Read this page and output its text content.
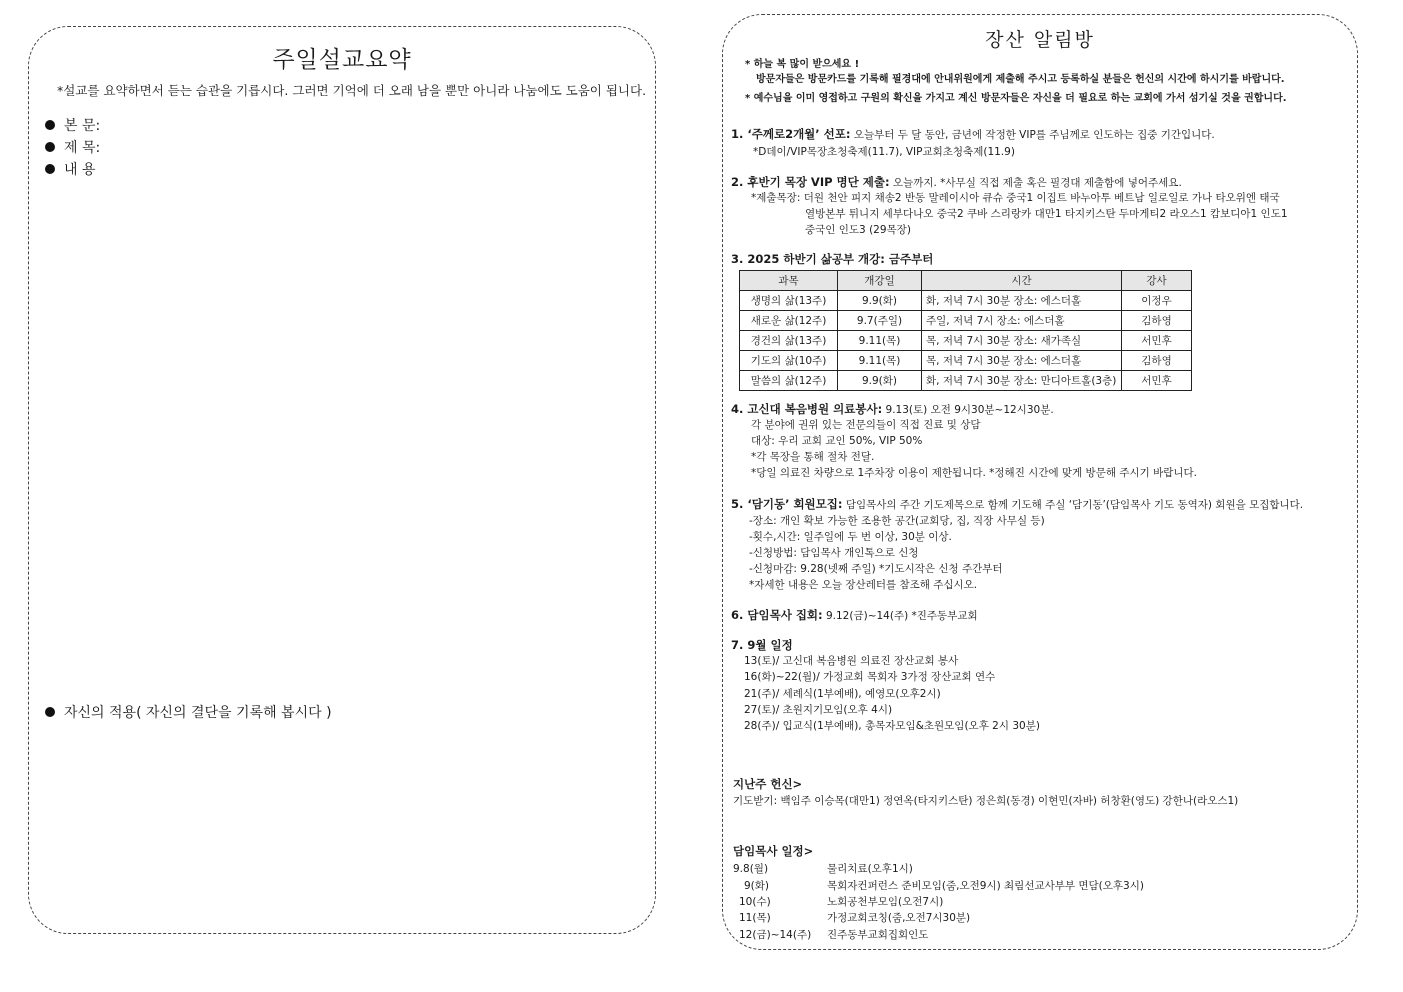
주일설교요약
*설교를 요약하면서 듣는 습관을 기릅시다. 그러면 기억에 더 오래 남을 뿐만 아니라 나눔에도 도움이 됩니다.
본 문:
제 목:
내 용
자신의 적용( 자신의 결단을 기록해 봅시다 )
장산 알림방
* 하늘 복 많이 받으세요 !
방문자들은 방문카드를 기록해 필경대에 안내위원에게 제출해 주시고 등록하실 분들은 헌신의 시간에 하시기를 바랍니다.
* 예수님을 이미 영접하고 구원의 확신을 가지고 계신 방문자들은 자신을 더 필요로 하는 교회에 가서 섬기실 것을 권합니다.
1. ‘주께로2개월’ 선포: 오늘부터 두 달 동안, 금년에 작정한 VIP를 주님께로 인도하는 집중 기간입니다.
*D데이/VIP목장초청축제(11.7), VIP교회초청축제(11.9)
2. 후반기 목장 VIP 명단 제출: 오늘까지. *사무실 직접 제출 혹은 필경대 제출함에 넣어주세요.
*제출목장: 더원 천안 피지 채송2 반동 말레이시아 큐슈 중국1 이집트 바누아투 베트남 일로일로 가나 타오위엔 태국
열방본부 튀니지 세부다나오 중국2 쿠바 스리랑카 대만1 타지키스탄 두마게티2 라오스1 캄보디아1 인도1
중국인 인도3 (29목장)
3. 2025 하반기 삶공부 개강: 금주부터
과목	개강일	시간	강사
생명의 삶(13주)	9.9(화)	화, 저녁 7시 30분 장소: 에스더홀	이정우
새로운 삶(12주)	9.7(주일)	주일, 저녁 7시 장소: 에스더홀	김하영
경건의 삶(13주)	9.11(목)	목, 저녁 7시 30분 장소: 새가족실	서민후
기도의 삶(10주)	9.11(목)	목, 저녁 7시 30분 장소: 에스더홀	김하영
말씀의 삶(12주)	9.9(화)	화, 저녁 7시 30분 장소: 만디아트홀(3층)	서민후
4. 고신대 복음병원 의료봉사: 9.13(토) 오전 9시30분~12시30분.
각 분야에 권위 있는 전문의들이 직접 진료 및 상담
대상: 우리 교회 교인 50%, VIP 50%
*각 목장을 통해 절차 전달.
*당일 의료진 차량으로 1주차장 이용이 제한됩니다. *정해진 시간에 맞게 방문해 주시기 바랍니다.
5. ‘담기동’ 회원모집: 담임목사의 주간 기도제목으로 함께 기도해 주실 ‘담기동’(담임목사 기도 동역자) 회원을 모집합니다.
-장소: 개인 확보 가능한 조용한 공간(교회당, 집, 직장 사무실 등)
-횟수,시간: 일주일에 두 번 이상, 30분 이상.
-신청방법: 담임목사 개인톡으로 신청
-신청마감: 9.28(넷째 주일) *기도시작은 신청 주간부터
*자세한 내용은 오늘 장산레터를 참조해 주십시오.
6. 담임목사 집회: 9.12(금)~14(주) *진주동부교회
7. 9월 일정
13(토)/ 고신대 복음병원 의료진 장산교회 봉사
16(화)~22(월)/ 가정교회 목회자 3가정 장산교회 연수
21(주)/ 세례식(1부예배), 예영모(오후2시)
27(토)/ 초원지기모임(오후 4시)
28(주)/ 입교식(1부예배), 총목자모임&초원모임(오후 2시 30분)
지난주 헌신>
기도받기: 백임주 이승목(대만1) 정연옥(타지키스탄) 정은희(동경) 이현민(자바) 허창환(영도) 강한나(라오스1)
담임목사 일정>
9.8(월)	물리치료(오후1시)
9(화)	목회자컨퍼런스 준비모임(줌,오전9시) 최림선교사부부 면담(오후3시)
10(수)	노회공천부모임(오전7시)
11(목)	가정교회코칭(줌,오전7시30분)
12(금)~14(주) 진주동부교회집회인도
